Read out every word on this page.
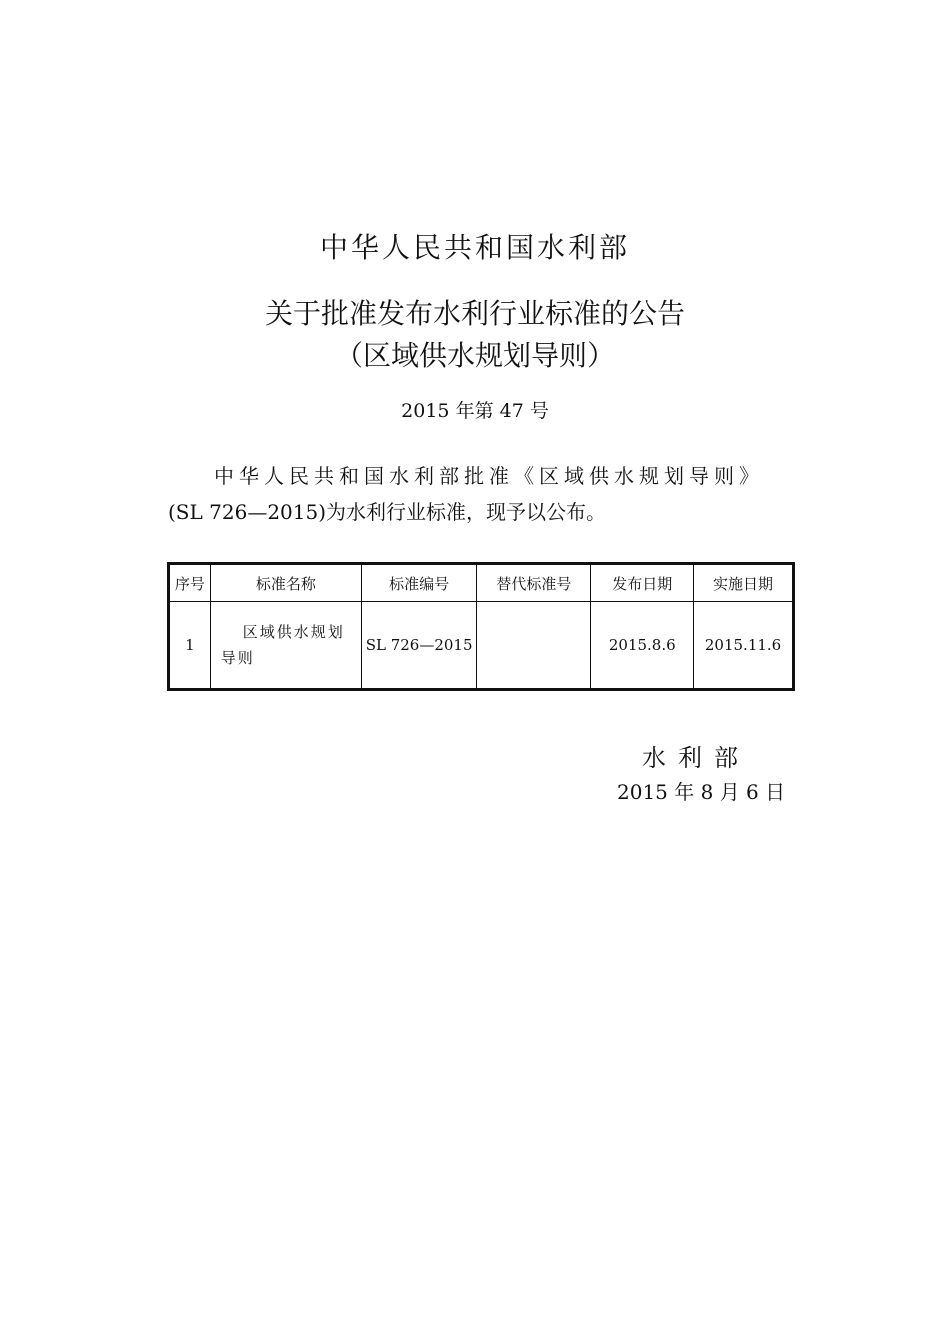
中华人民共和国水利部
关于批准发布水利行业标准的公告
（区域供水规划导则）
2015 年第 47 号
中华人民共和国水利部批准《区域供水规划导则》
(SL 726—2015)为水利行业标准，现予以公布。
序号	标准名称	标准编号	替代标准号	发布日期	实施日期
1	区域供水规划
导则	SL 726—2015		2015.8.6	2015.11.6
水利部
2015 年 8 月 6 日
